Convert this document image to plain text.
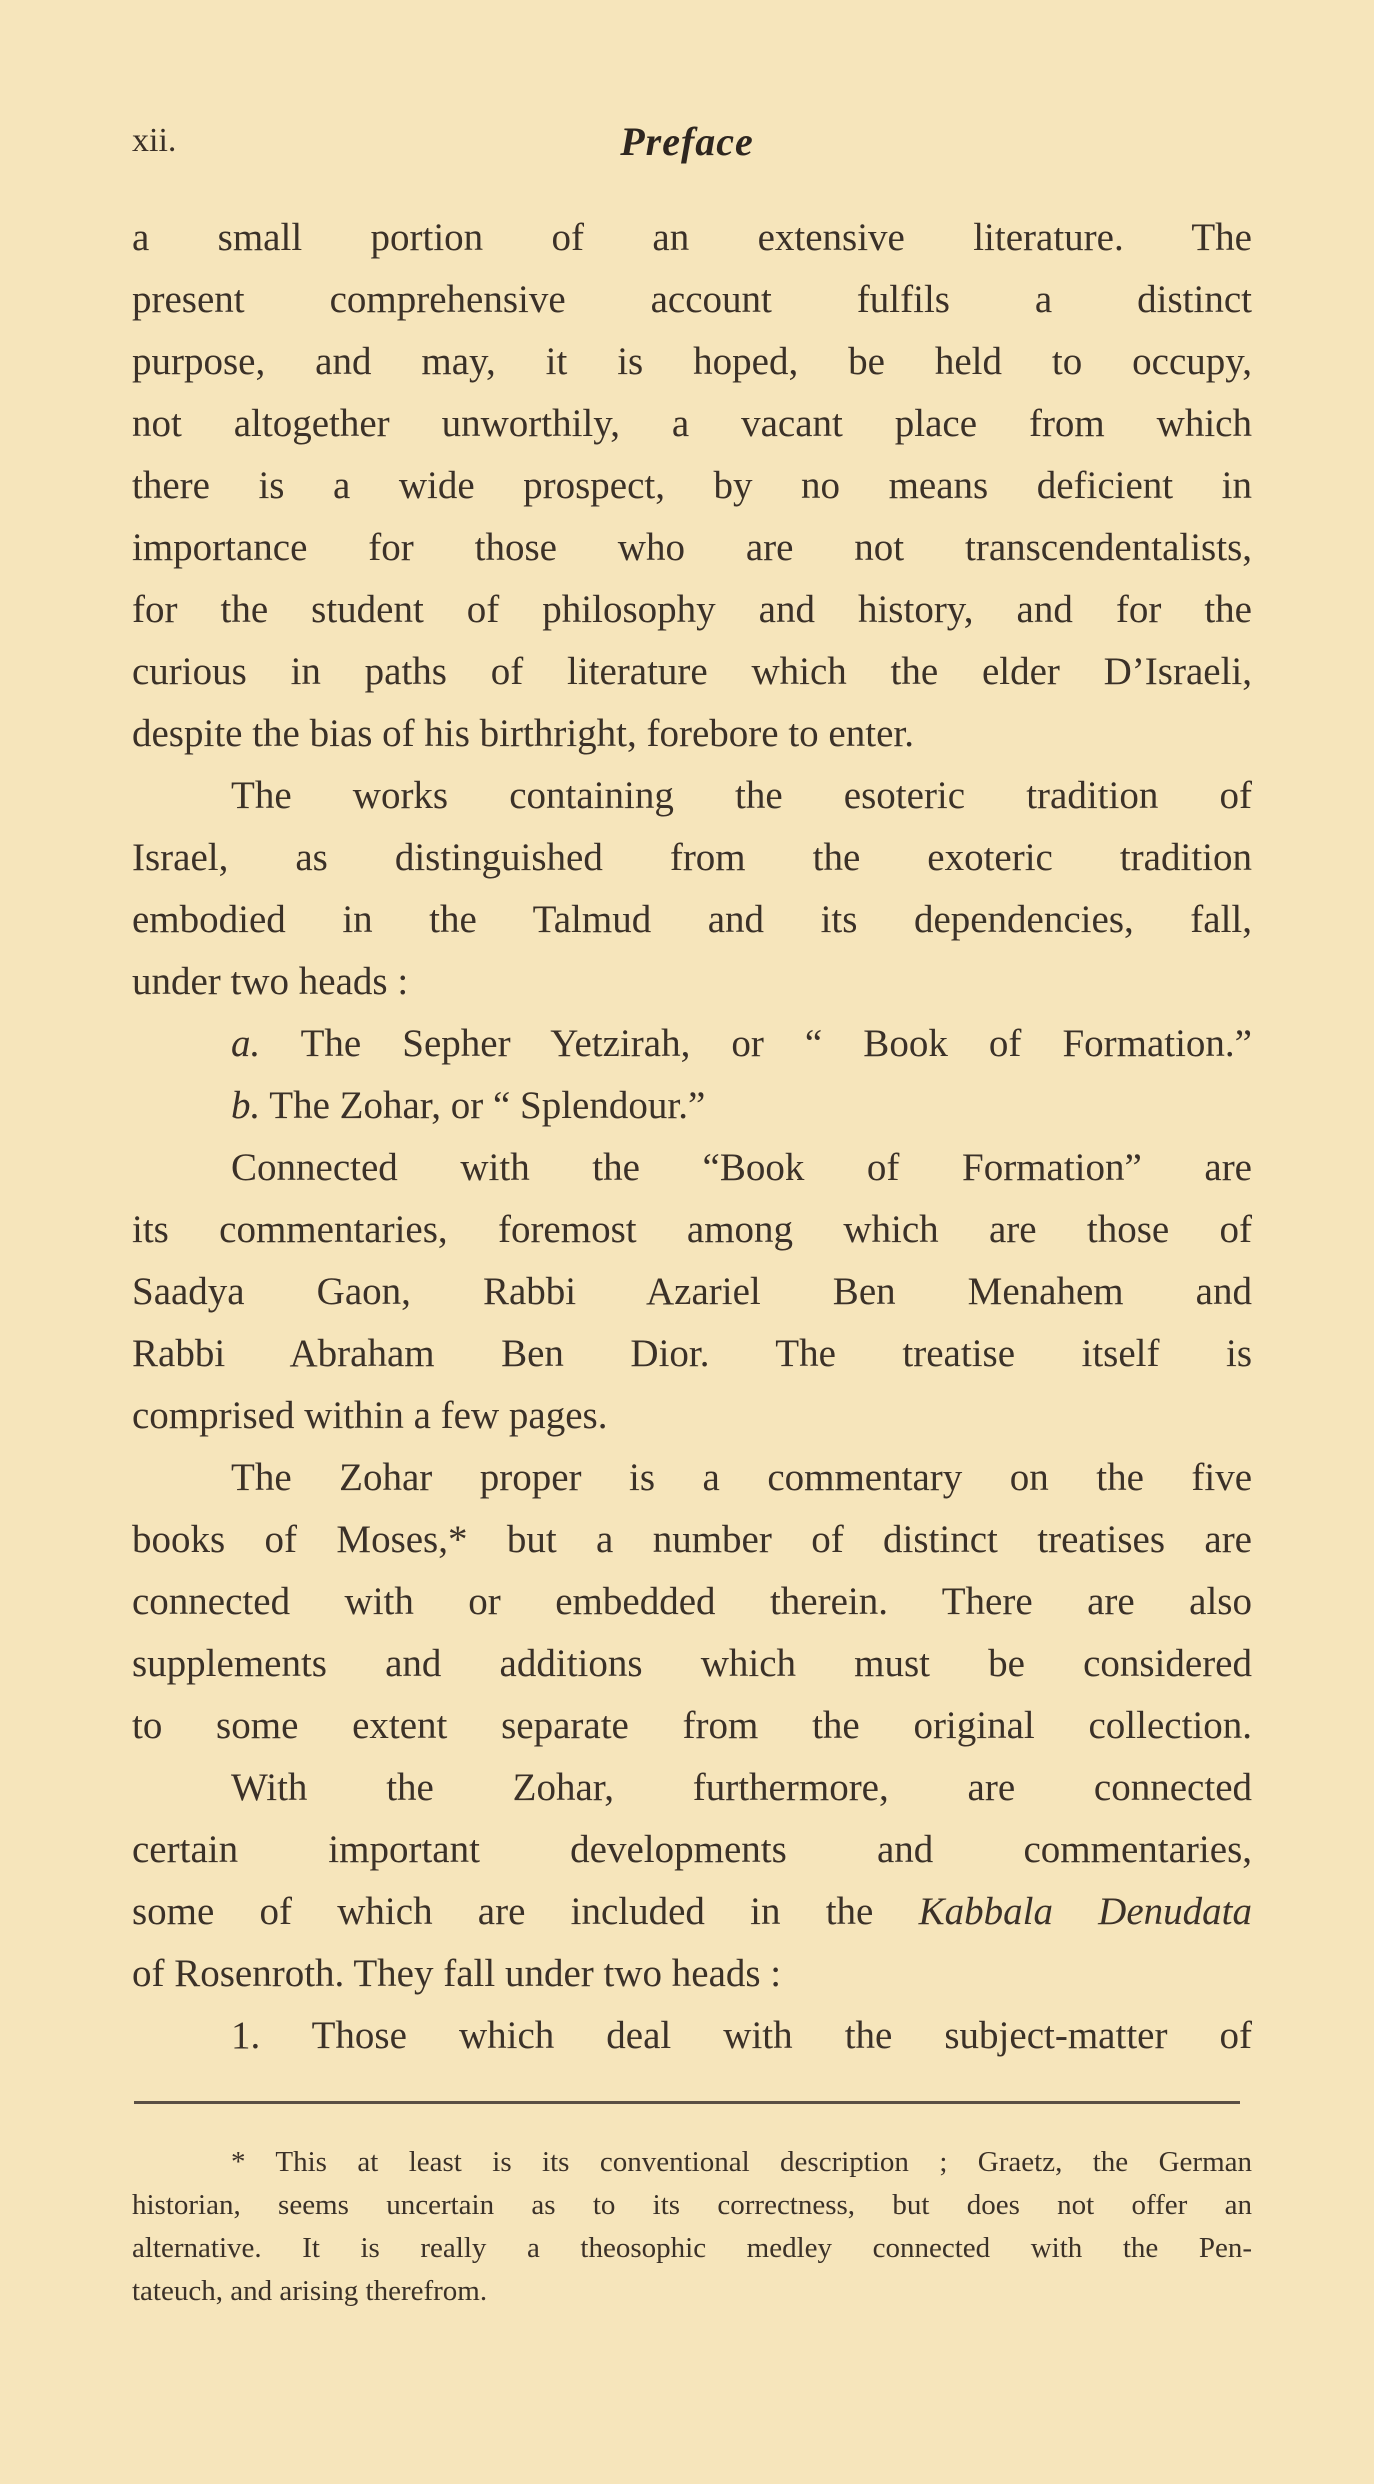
xii.	Preface
a small portion of an extensive literature. The
present comprehensive account fulfils a distinct
purpose, and may, it is hoped, be held to occupy,
not altogether unworthily, a vacant place from which
there is a wide prospect, by no means deficient in
importance for those who are not transcendentalists,
for the student of philosophy and history, and for the
curious in paths of literature which the elder D’Israeli,
despite the bias of his birthright, forebore to enter.
The works containing the esoteric tradition of
Israel, as distinguished from the exoteric tradition
embodied in the Talmud and its dependencies, fall,
under two heads :
a. The Sepher Yetzirah, or “ Book of Formation.”
b. The Zohar, or “ Splendour.”
Connected with the “Book of Formation” are
its commentaries, foremost among which are those of
Saadya Gaon, Rabbi Azariel Ben Menahem and
Rabbi Abraham Ben Dior. The treatise itself is
comprised within a few pages.
The Zohar proper is a commentary on the five
books of Moses,* but a number of distinct treatises are
connected with or embedded therein. There are also
supplements and additions which must be considered
to some extent separate from the original collection.
With the Zohar, furthermore, are connected
certain important developments and commentaries,
some of which are included in the Kabbala Denudata
of Rosenroth. They fall under two heads :
1. Those which deal with the subject-matter of
* This at least is its conventional description ; Graetz, the German
historian, seems uncertain as to its correctness, but does not offer an
alternative. It is really a theosophic medley connected with the Pen-
tateuch, and arising therefrom.
